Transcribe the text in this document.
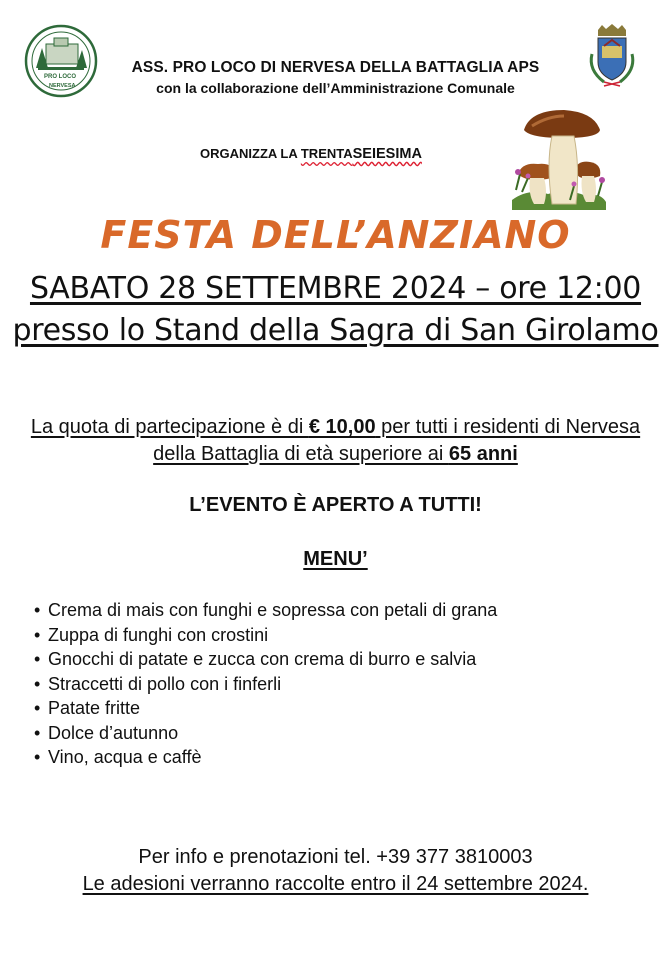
PRO LOCO
NERVESA
ASS. PRO LOCO DI NERVESA DELLA BATTAGLIA APS
con la collaborazione dell’Amministrazione Comunale
ORGANIZZA LA TRENTASEIESIMA
FESTA DELL’ANZIANO
SABATO 28 SETTEMBRE 2024 – ore 12:00
presso lo Stand della Sagra di San Girolamo
La quota di partecipazione è di € 10,00 per tutti i residenti di Nervesa della Battaglia di età superiore ai 65 anni
L’EVENTO È APERTO A TUTTI!
MENU’
• Crema di mais con funghi e sopressa con petali di grana
• Zuppa di funghi con crostini
• Gnocchi di patate e zucca con crema di burro e salvia
• Straccetti di pollo con i finferli
• Patate fritte
• Dolce d’autunno
• Vino, acqua e caffè
Per info e prenotazioni tel. +39 377 3810003
Le adesioni verranno raccolte entro il 24 settembre 2024.
